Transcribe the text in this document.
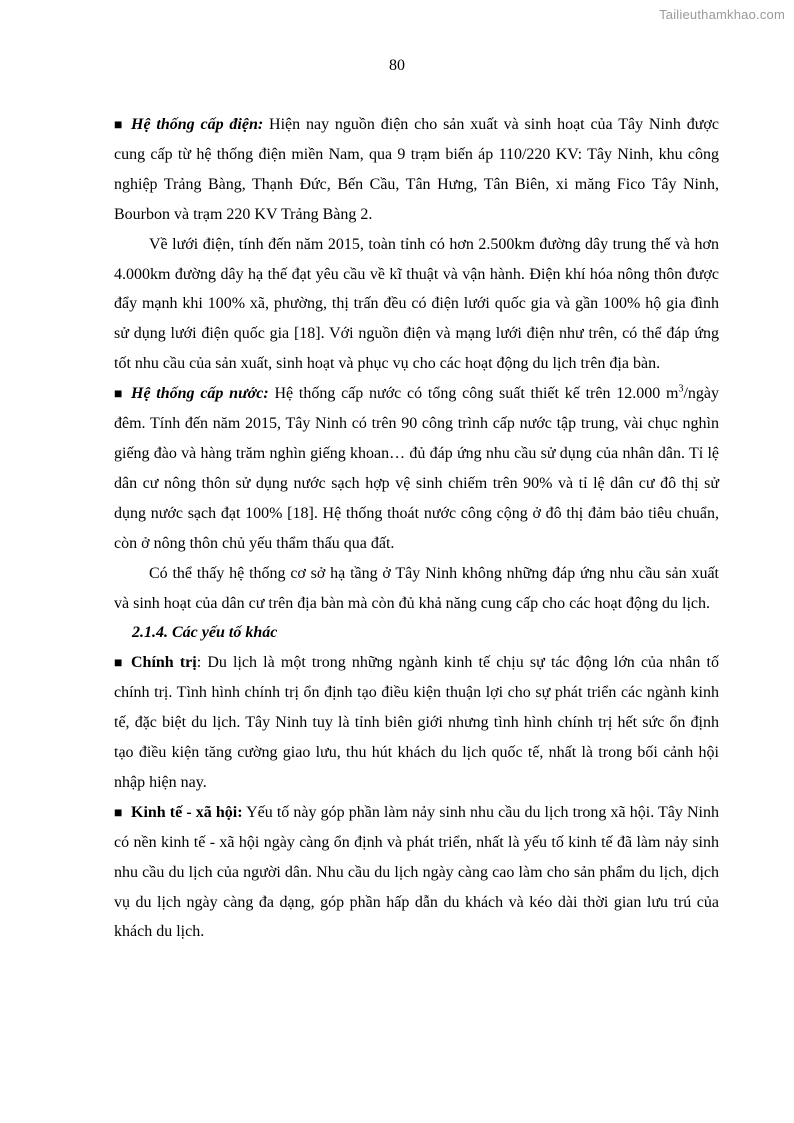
Tailieuthamkhao.com
80

■ Hệ thống cấp điện: Hiện nay nguồn điện cho sản xuất và sinh hoạt của Tây Ninh được cung cấp từ hệ thống điện miền Nam, qua 9 trạm biến áp 110/220 KV: Tây Ninh, khu công nghiệp Trảng Bàng, Thạnh Đức, Bến Cầu, Tân Hưng, Tân Biên, xi măng Fico Tây Ninh, Bourbon và trạm 220 KV Trảng Bàng 2.

Về lưới điện, tính đến năm 2015, toàn tỉnh có hơn 2.500km đường dây trung thế và hơn 4.000km đường dây hạ thế đạt yêu cầu về kĩ thuật và vận hành. Điện khí hóa nông thôn được đẩy mạnh khi 100% xã, phường, thị trấn đều có điện lưới quốc gia và gần 100% hộ gia đình sử dụng lưới điện quốc gia [18]. Với nguồn điện và mạng lưới điện như trên, có thể đáp ứng tốt nhu cầu của sản xuất, sinh hoạt và phục vụ cho các hoạt động du lịch trên địa bàn.

■ Hệ thống cấp nước: Hệ thống cấp nước có tổng công suất thiết kế trên 12.000 $m^3$/ngày đêm. Tính đến năm 2015, Tây Ninh có trên 90 công trình cấp nước tập trung, vài chục nghìn giếng đào và hàng trăm nghìn giếng khoan… đủ đáp ứng nhu cầu sử dụng của nhân dân. Tỉ lệ dân cư nông thôn sử dụng nước sạch hợp vệ sinh chiếm trên 90% và tỉ lệ dân cư đô thị sử dụng nước sạch đạt 100% [18]. Hệ thống thoát nước công cộng ở đô thị đảm bảo tiêu chuẩn, còn ở nông thôn chủ yếu thẩm thấu qua đất.

Có thể thấy hệ thống cơ sở hạ tầng ở Tây Ninh không những đáp ứng nhu cầu sản xuất và sinh hoạt của dân cư trên địa bàn mà còn đủ khả năng cung cấp cho các hoạt động du lịch.

2.1.4. Các yếu tố khác

■ Chính trị: Du lịch là một trong những ngành kinh tế chịu sự tác động lớn của nhân tố chính trị. Tình hình chính trị ổn định tạo điều kiện thuận lợi cho sự phát triển các ngành kinh tế, đặc biệt du lịch. Tây Ninh tuy là tỉnh biên giới nhưng tình hình chính trị hết sức ổn định tạo điều kiện tăng cường giao lưu, thu hút khách du lịch quốc tế, nhất là trong bối cảnh hội nhập hiện nay.

■ Kinh tế - xã hội: Yếu tố này góp phần làm nảy sinh nhu cầu du lịch trong xã hội. Tây Ninh có nền kinh tế - xã hội ngày càng ổn định và phát triển, nhất là yếu tố kinh tế đã làm nảy sinh nhu cầu du lịch của người dân. Nhu cầu du lịch ngày càng cao làm cho sản phẩm du lịch, dịch vụ du lịch ngày càng đa dạng, góp phần hấp dẫn du khách và kéo dài thời gian lưu trú của khách du lịch.
